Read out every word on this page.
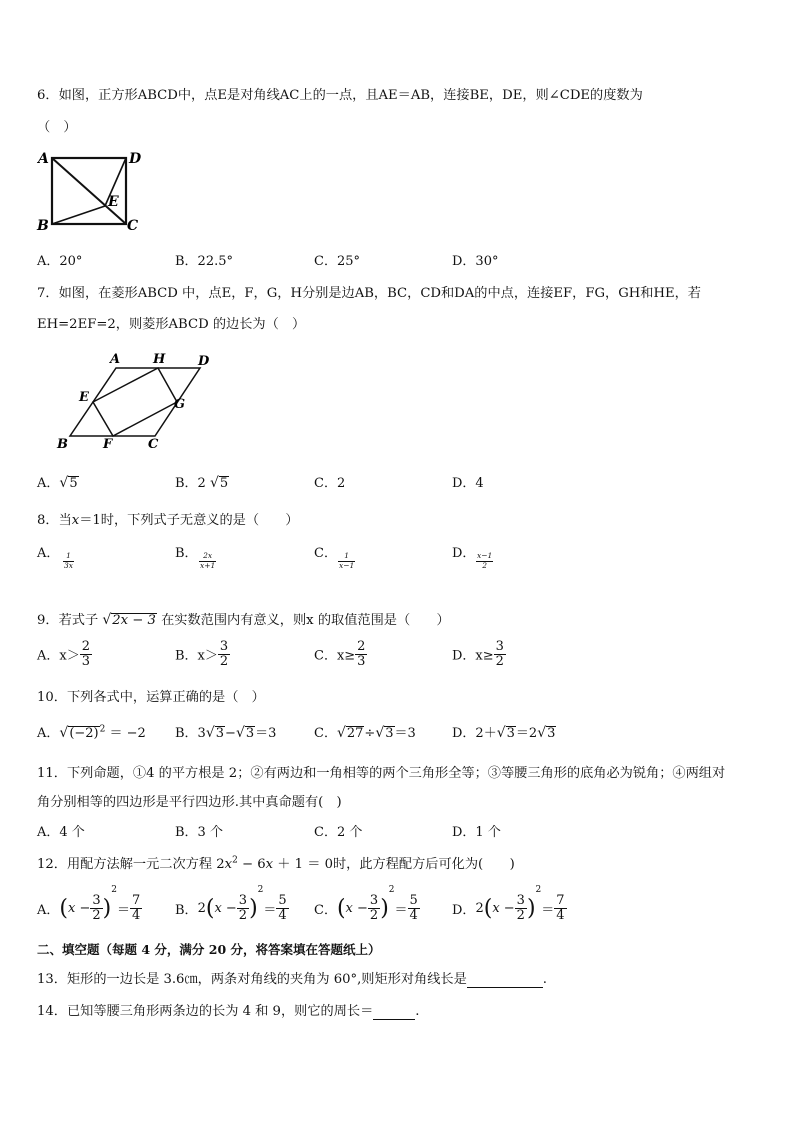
6．如图，正方形ABCD中，点E是对角线AC上的一点，且AE＝AB，连接BE，DE，则∠CDE的度数为
（　）
A	D
E
B	C
A．20°	B．22.5°	C．25°	D．30°
7．如图，在菱形ABCD 中，点E，F，G，H分别是边AB，BC，CD和DA的中点，连接EF，FG，GH和HE，若
EH=2EF=2，则菱形ABCD 的边长为（　）
A	H	D
E	G
B	F	C
A．√5	B．2 √5	C．2	D．4
8．当x＝1时，下列式子无意义的是（　　）
A． $\frac{1}{3x}$	B． $\frac{2x}{x+1}$	C． $\frac{1}{x-1}$	D． $\frac{x-1}{2}$
9．若式子 √2x − 3 在实数范围内有意义，则x 的取值范围是（　　）
A．$x> \frac{2}{3}$	B．$x> \frac{3}{2}$	C．$x\ge \frac{2}{3}$	D．$x\ge \frac{3}{2}$
10．下列各式中，运算正确的是（　）
A．$√(-2)^2 = -2$ B．3√3−√3＝3	C．√27÷√3＝3	D．2＋√3＝2√3
11．下列命题，①4 的平方根是 2；②有两边和一角相等的两个三角形全等；③等腰三角形的底角必为锐角；④两组对
角分别相等的四边形是平行四边形.其中真命题有(　)
A．4 个	B．3 个	C．2 个	D．1 个
12．用配方法解一元二次方程 $2x^2 - 6x + 1 = 0$时，此方程配方后可化为(　　)
A．$(x - \frac{3}{2} )^2= \frac{7}{4}$	B．$2(x - \frac{3}{2} )^2= \frac{5}{4}$ C．$(x - \frac{3}{2} )^2= \frac{5}{4}$ D．$2(x - \frac{3}{2} )^2= \frac{7}{4}$
二、填空题（每题 4 分，满分 20 分，将答案填在答题纸上）
13．矩形的一边长是 3.6㎝，两条对角线的夹角为 60°,则矩形对角线长是	.
14．已知等腰三角形两条边的长为 4 和 9，则它的周长＝	.
